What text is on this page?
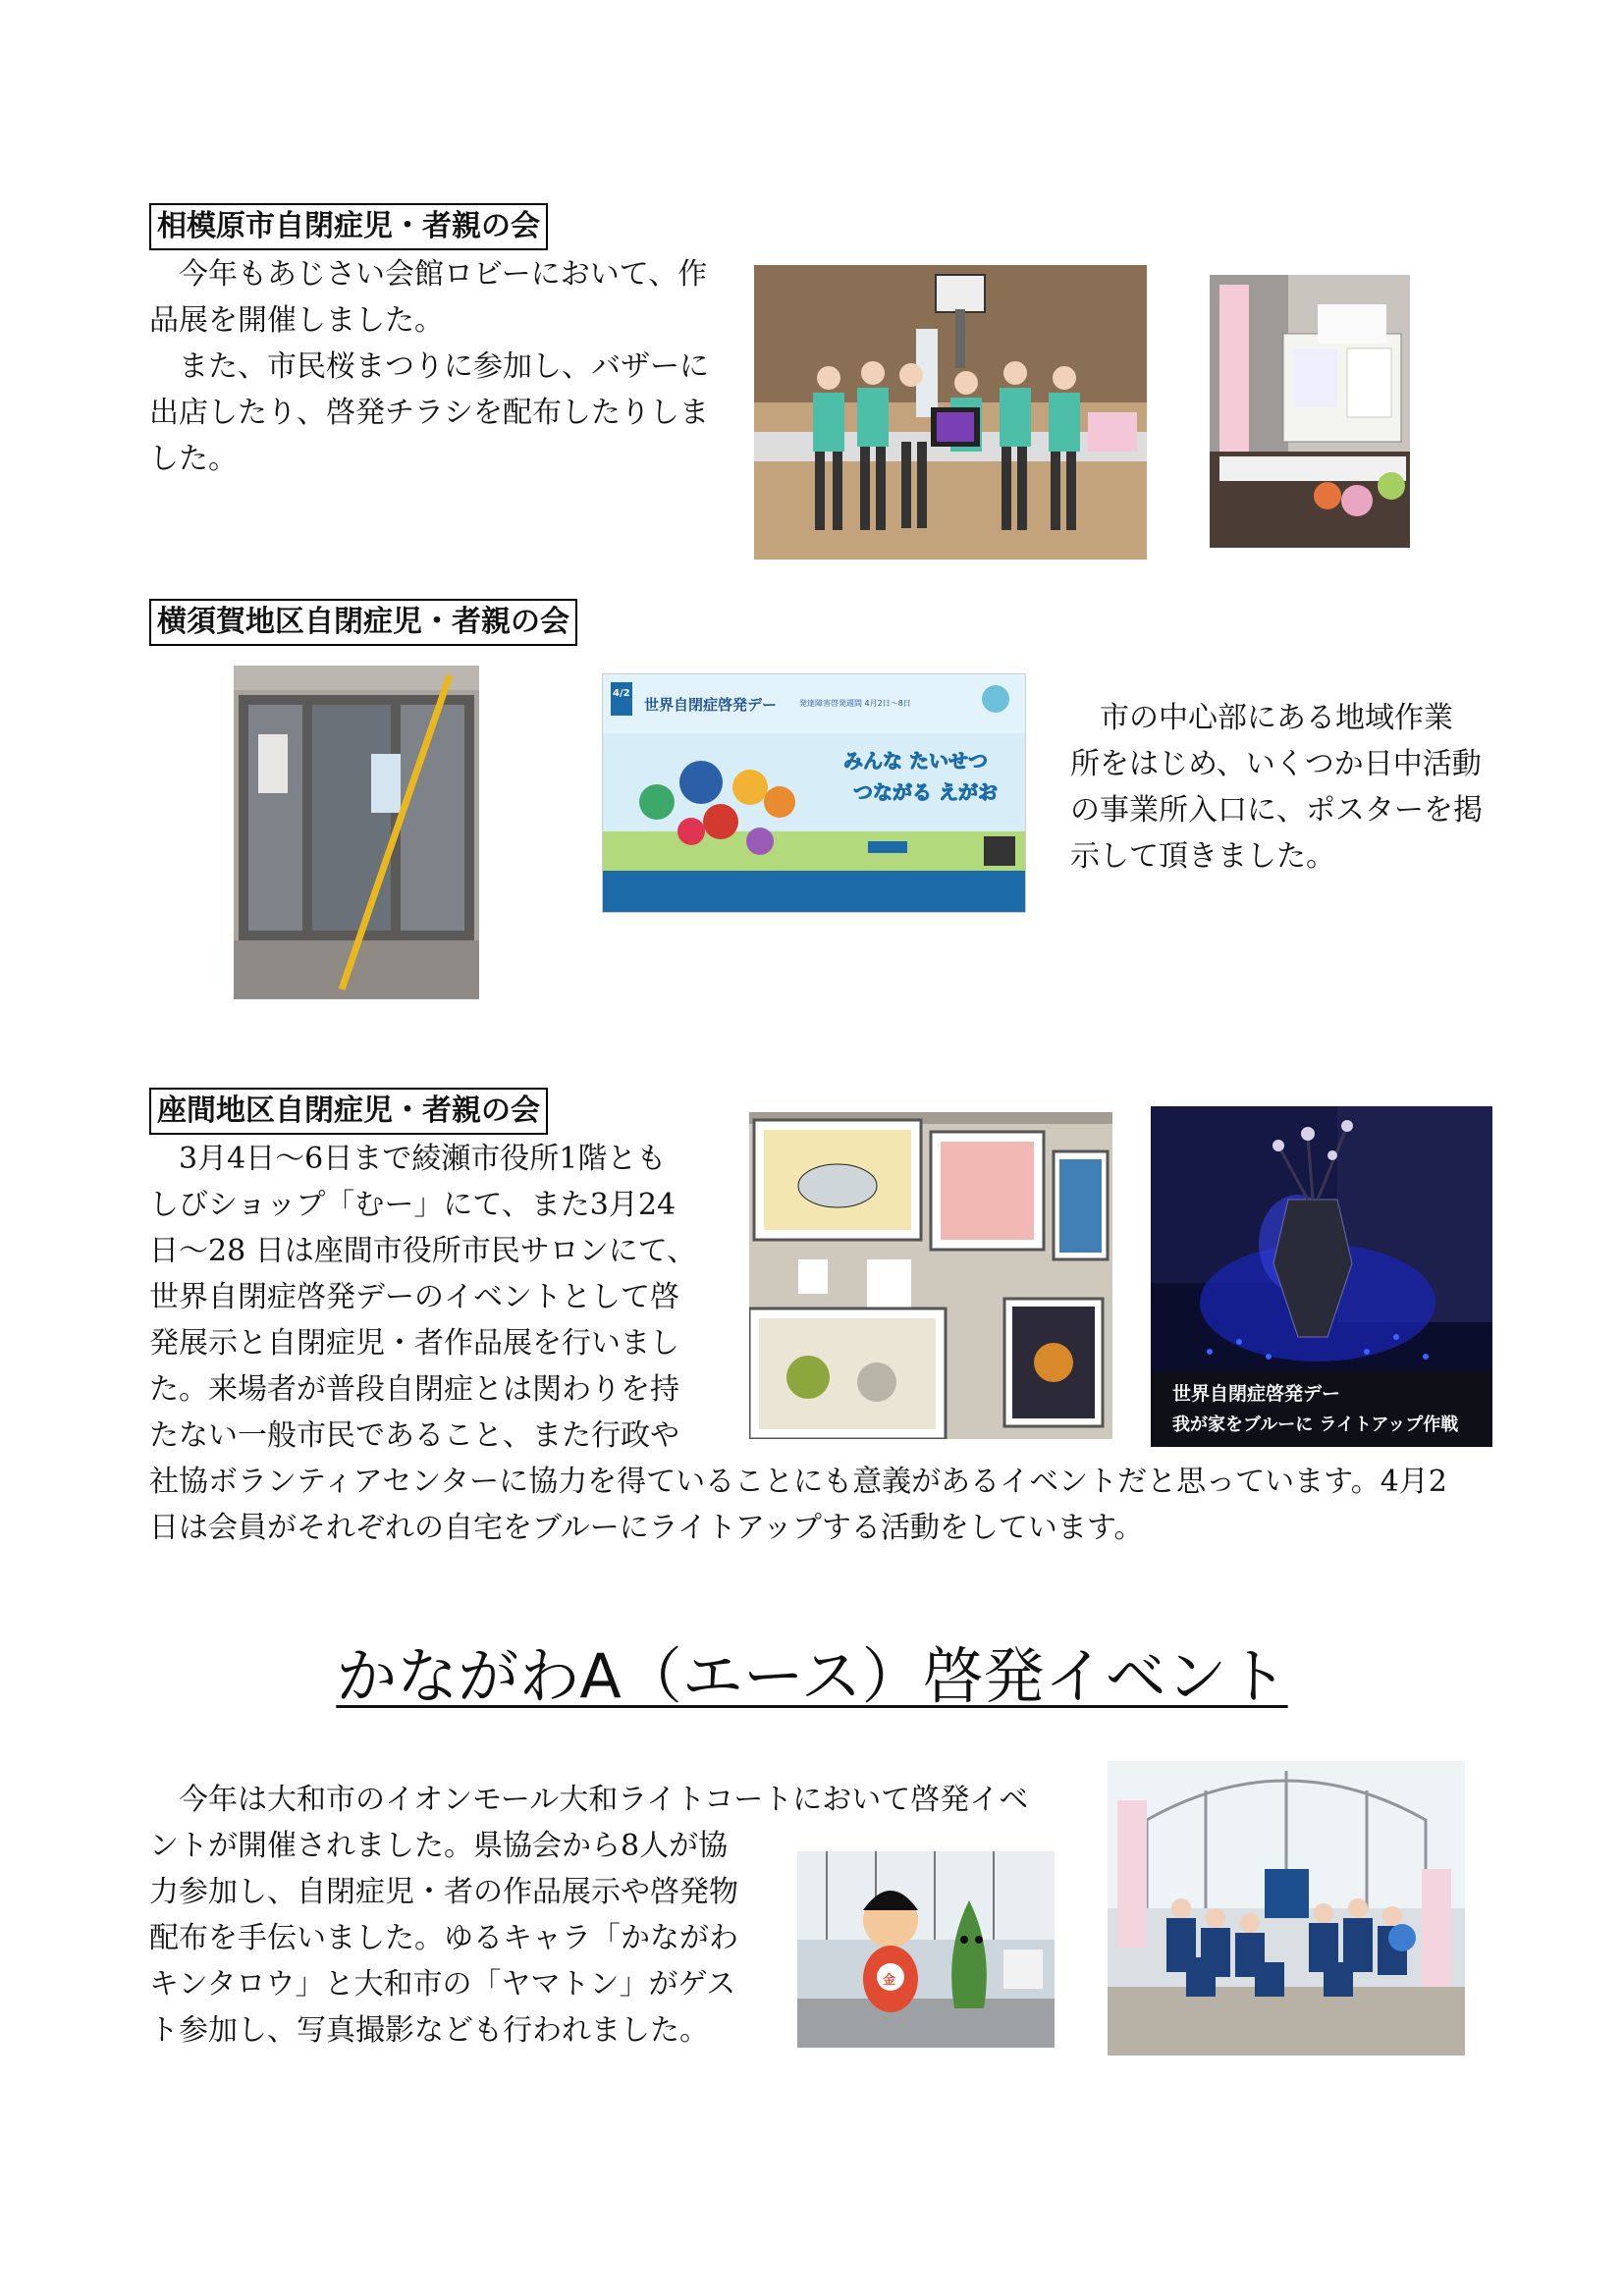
相模原市自閉症児・者親の会

　今年もあじさい会館ロビーにおいて、作

品展を開催しました。

　また、市民桜まつりに参加し、バザーに

出店したり、啓発チラシを配布したりしま

した。

横須賀地区自閉症児・者親の会
4/2
世界自閉症啓発デー	発達障害啓発週間 4月2日〜8日
みんな たいせつ
つながる えがお

　市の中心部にある地域作業

所をはじめ、いくつか日中活動

の事業所入口に、ポスターを掲

示して頂きました。

座間地区自閉症児・者親の会

　3月4日〜6日まで綾瀬市役所1階とも

しびショップ「むー」にて、また3月24

日〜28 日は座間市役所市民サロンにて、

世界自閉症啓発デーのイベントとして啓

発展示と自閉症児・者作品展を行いまし

た。来場者が普段自閉症とは関わりを持

たない一般市民であること、また行政や

社協ボランティアセンターに協力を得ていることにも意義があるイベントだと思っています。4月2

日は会員がそれぞれの自宅をブルーにライトアップする活動をしています。

世界自閉症啓発デー
我が家をブルーに ライトアップ作戦
かながわA（エース）啓発イベント

　今年は大和市のイオンモール大和ライトコートにおいて啓発イベ

ントが開催されました。県協会から8人が協

力参加し、自閉症児・者の作品展示や啓発物

配布を手伝いました。ゆるキャラ「かながわ

キンタロウ」と大和市の「ヤマトン」がゲス

ト参加し、写真撮影なども行われました。

金
